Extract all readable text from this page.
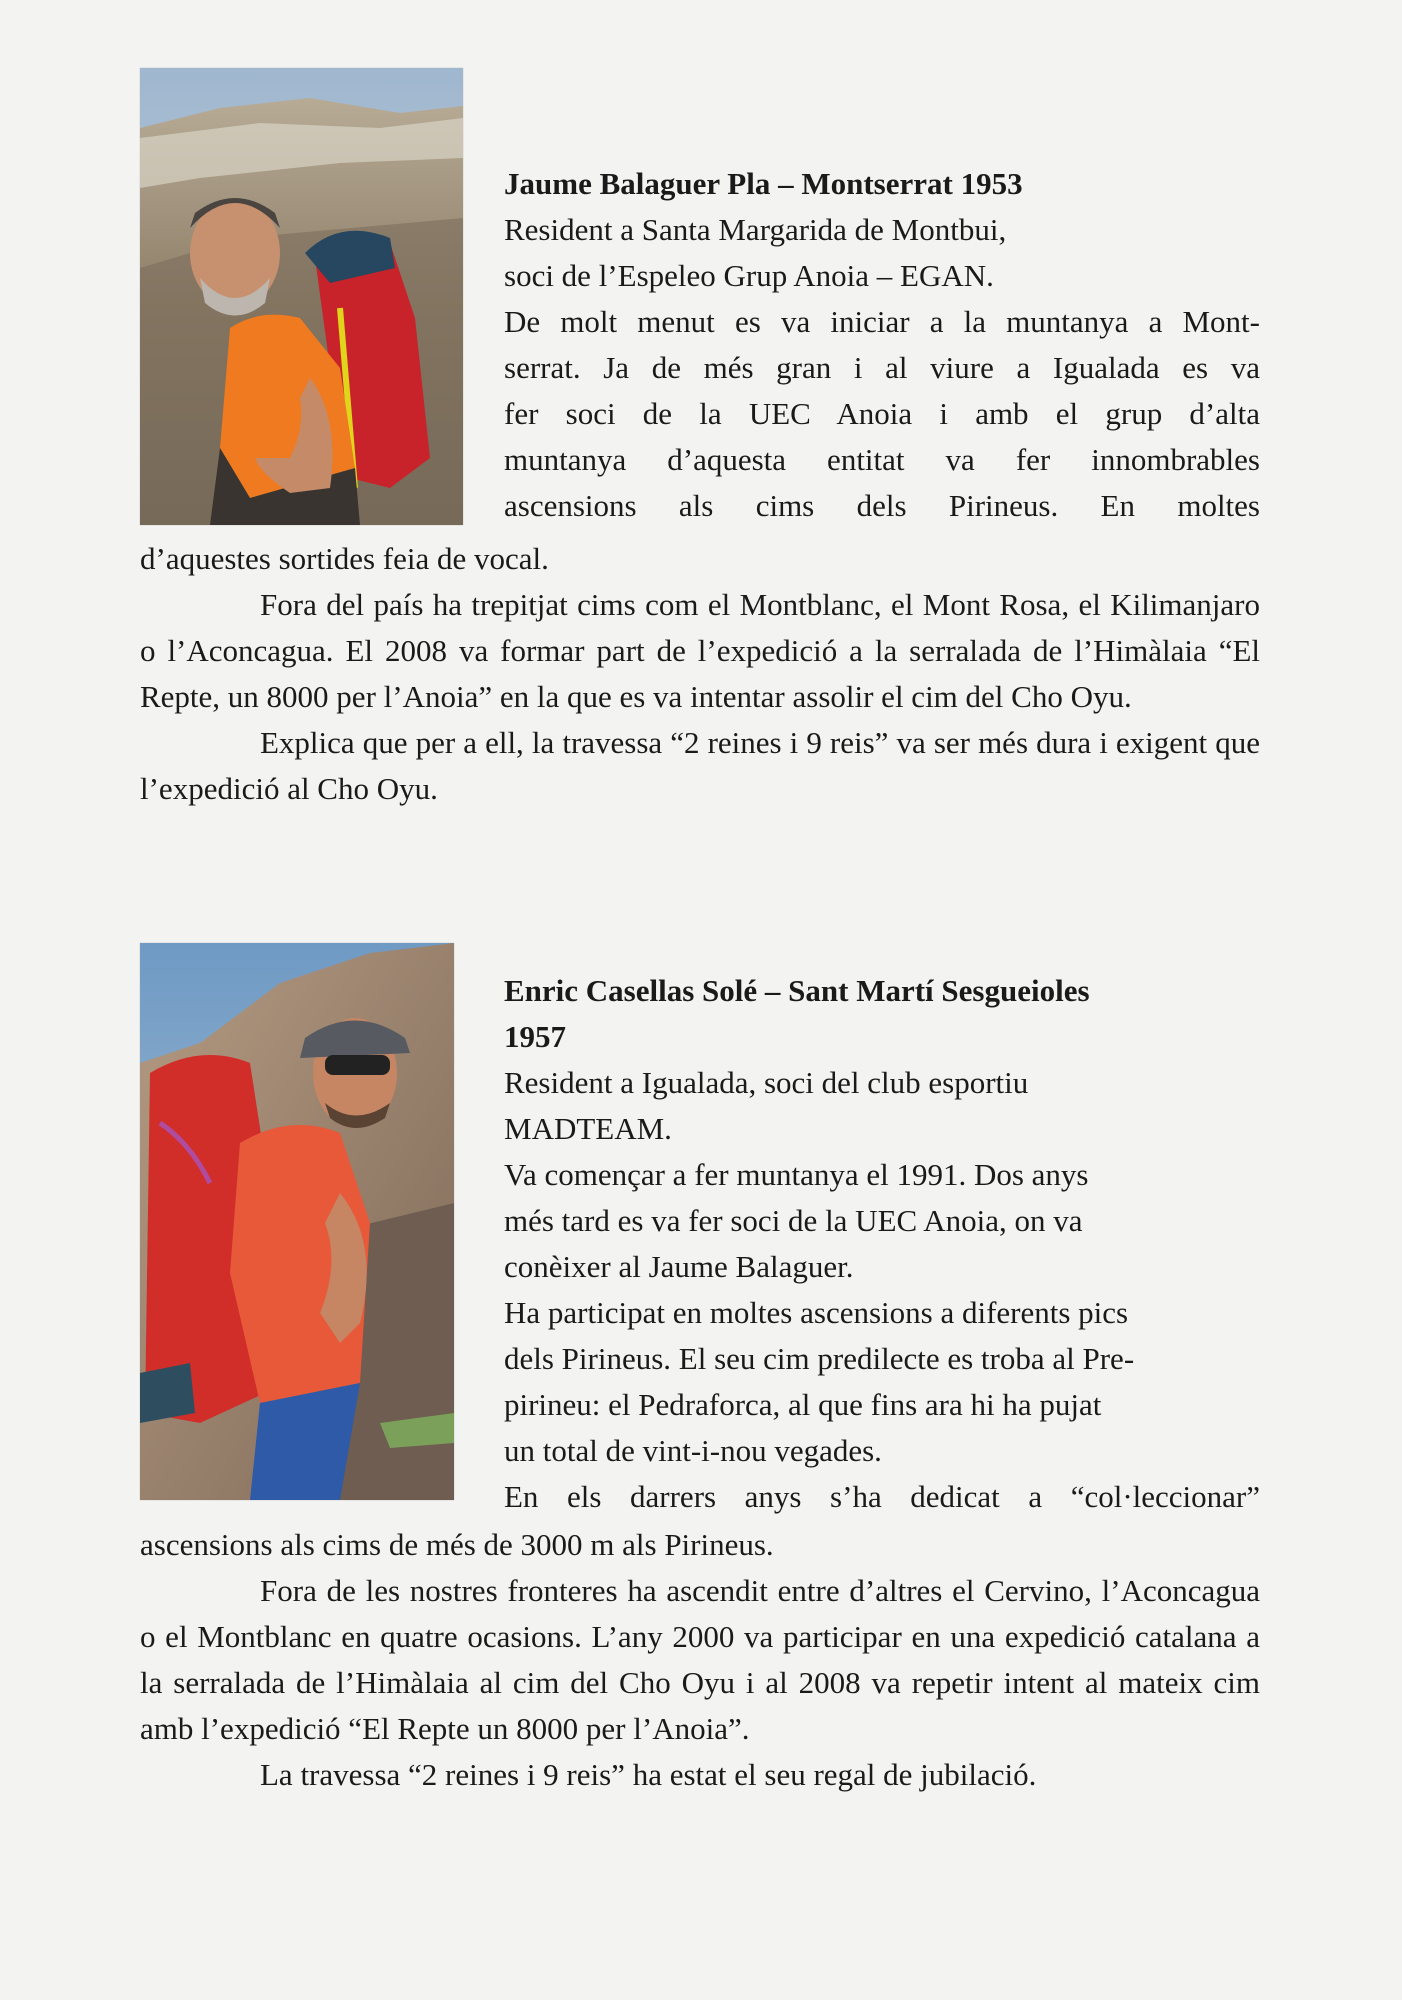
Jaume Balaguer Pla – Montserrat 1953

Resident a Santa Margarida de Montbui,

soci de l’Espeleo Grup Anoia – EGAN.

De molt menut es va iniciar a la muntanya a Mont-

serrat. Ja de més gran i al viure a Igualada es va

fer soci de la UEC Anoia i amb el grup d’alta

muntanya d’aquesta entitat va fer innombrables

ascensions als cims dels Pirineus. En moltes

d’aquestes sortides feia de vocal.

Fora del país ha trepitjat cims com el Montblanc, el Mont Rosa, el Kilimanjaro o l’Aconcagua. El 2008 va formar part de l’expedició a la serralada de l’Himàlaia “El Repte, un 8000 per l’Anoia” en la que es va intentar assolir el cim del Cho Oyu.

Explica que per a ell, la travessa “2 reines i 9 reis” va ser més dura i exigent que l’expedició al Cho Oyu.

Enric Casellas Solé – Sant Martí Sesgueioles

1957

Resident a Igualada, soci del club esportiu

MADTEAM.

Va començar a fer muntanya el 1991. Dos anys

més tard es va fer soci de la UEC Anoia, on va

conèixer al Jaume Balaguer.

Ha participat en moltes ascensions a diferents pics

dels Pirineus. El seu cim predilecte es troba al Pre-

pirineu: el Pedraforca, al que fins ara hi ha pujat

un total de vint-i-nou vegades.

En els darrers anys s’ha dedicat a “col·leccionar”

ascensions als cims de més de 3000 m als Pirineus.

Fora de les nostres fronteres ha ascendit entre d’altres el Cervino, l’Aconcagua o el Montblanc en quatre ocasions. L’any 2000 va participar en una expedició catalana a la serralada de l’Himàlaia al cim del Cho Oyu i al 2008 va repetir intent al mateix cim amb l’expedició “El Repte un 8000 per l’Anoia”.

La travessa “2 reines i 9 reis” ha estat el seu regal de jubilació.
